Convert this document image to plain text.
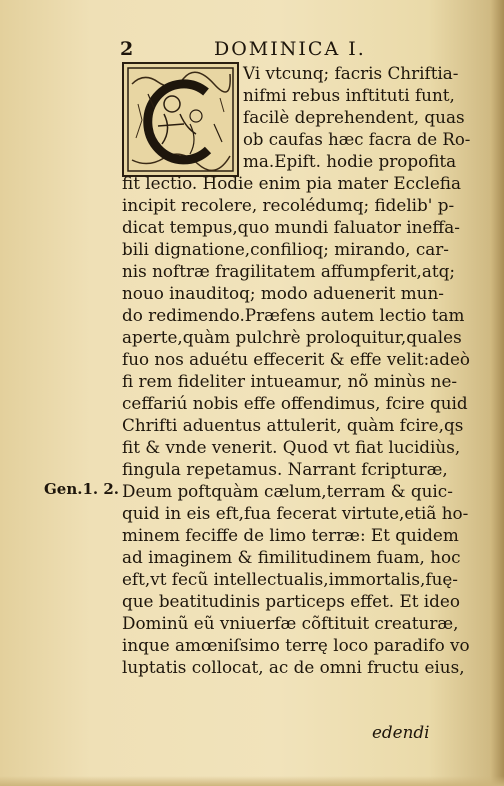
2	DOMINICA I.
Vi vtcunq; facris Chriftia-
nifmi rebus inftituti funt,
facilè deprehendent, quas
ob caufas hæc facra de Ro-
ma.Epift. hodie propofita
fit lectio. Hodie enim pia mater Ecclefia
incipit recolere, recolédumq; fidelib' p-
dicat tempus,quo mundi faluator ineffa-
bili dignatione,confilioq; mirando, car-
nis noftræ fragilitatem affumpferit,atq;
nouo inauditoq; modo aduenerit mun-
do redimendo.Præfens autem lectio tam
aperte,quàm pulchrè proloquitur,quales
fuo nos aduétu effecerit & effe velit:adeò
fi rem fideliter intueamur, nõ minùs ne-
ceffariú nobis effe offendimus, fcire quid
Chrifti aduentus attulerit, quàm fcire,qs
fit & vnde venerit. Quod vt fiat lucidiùs,
fingula repetamus. Narrant fcripturæ,
Deum poftquàm cælum,terram & quic-
quid in eis eft,fua fecerat virtute,etiã ho-
minem feciffe de limo terræ: Et quidem
ad imaginem & fimilitudinem fuam, hoc
eft,vt fecũ intellectualis,immortalis,fuę-
que beatitudinis particeps effet. Et ideo
Dominũ eũ vniuerfæ cõftituit creaturæ,
inque amœniſsimo terrę loco paradifo vo
luptatis collocat, ac de omni fructu eius,
Gen.1. 2.
edendi
